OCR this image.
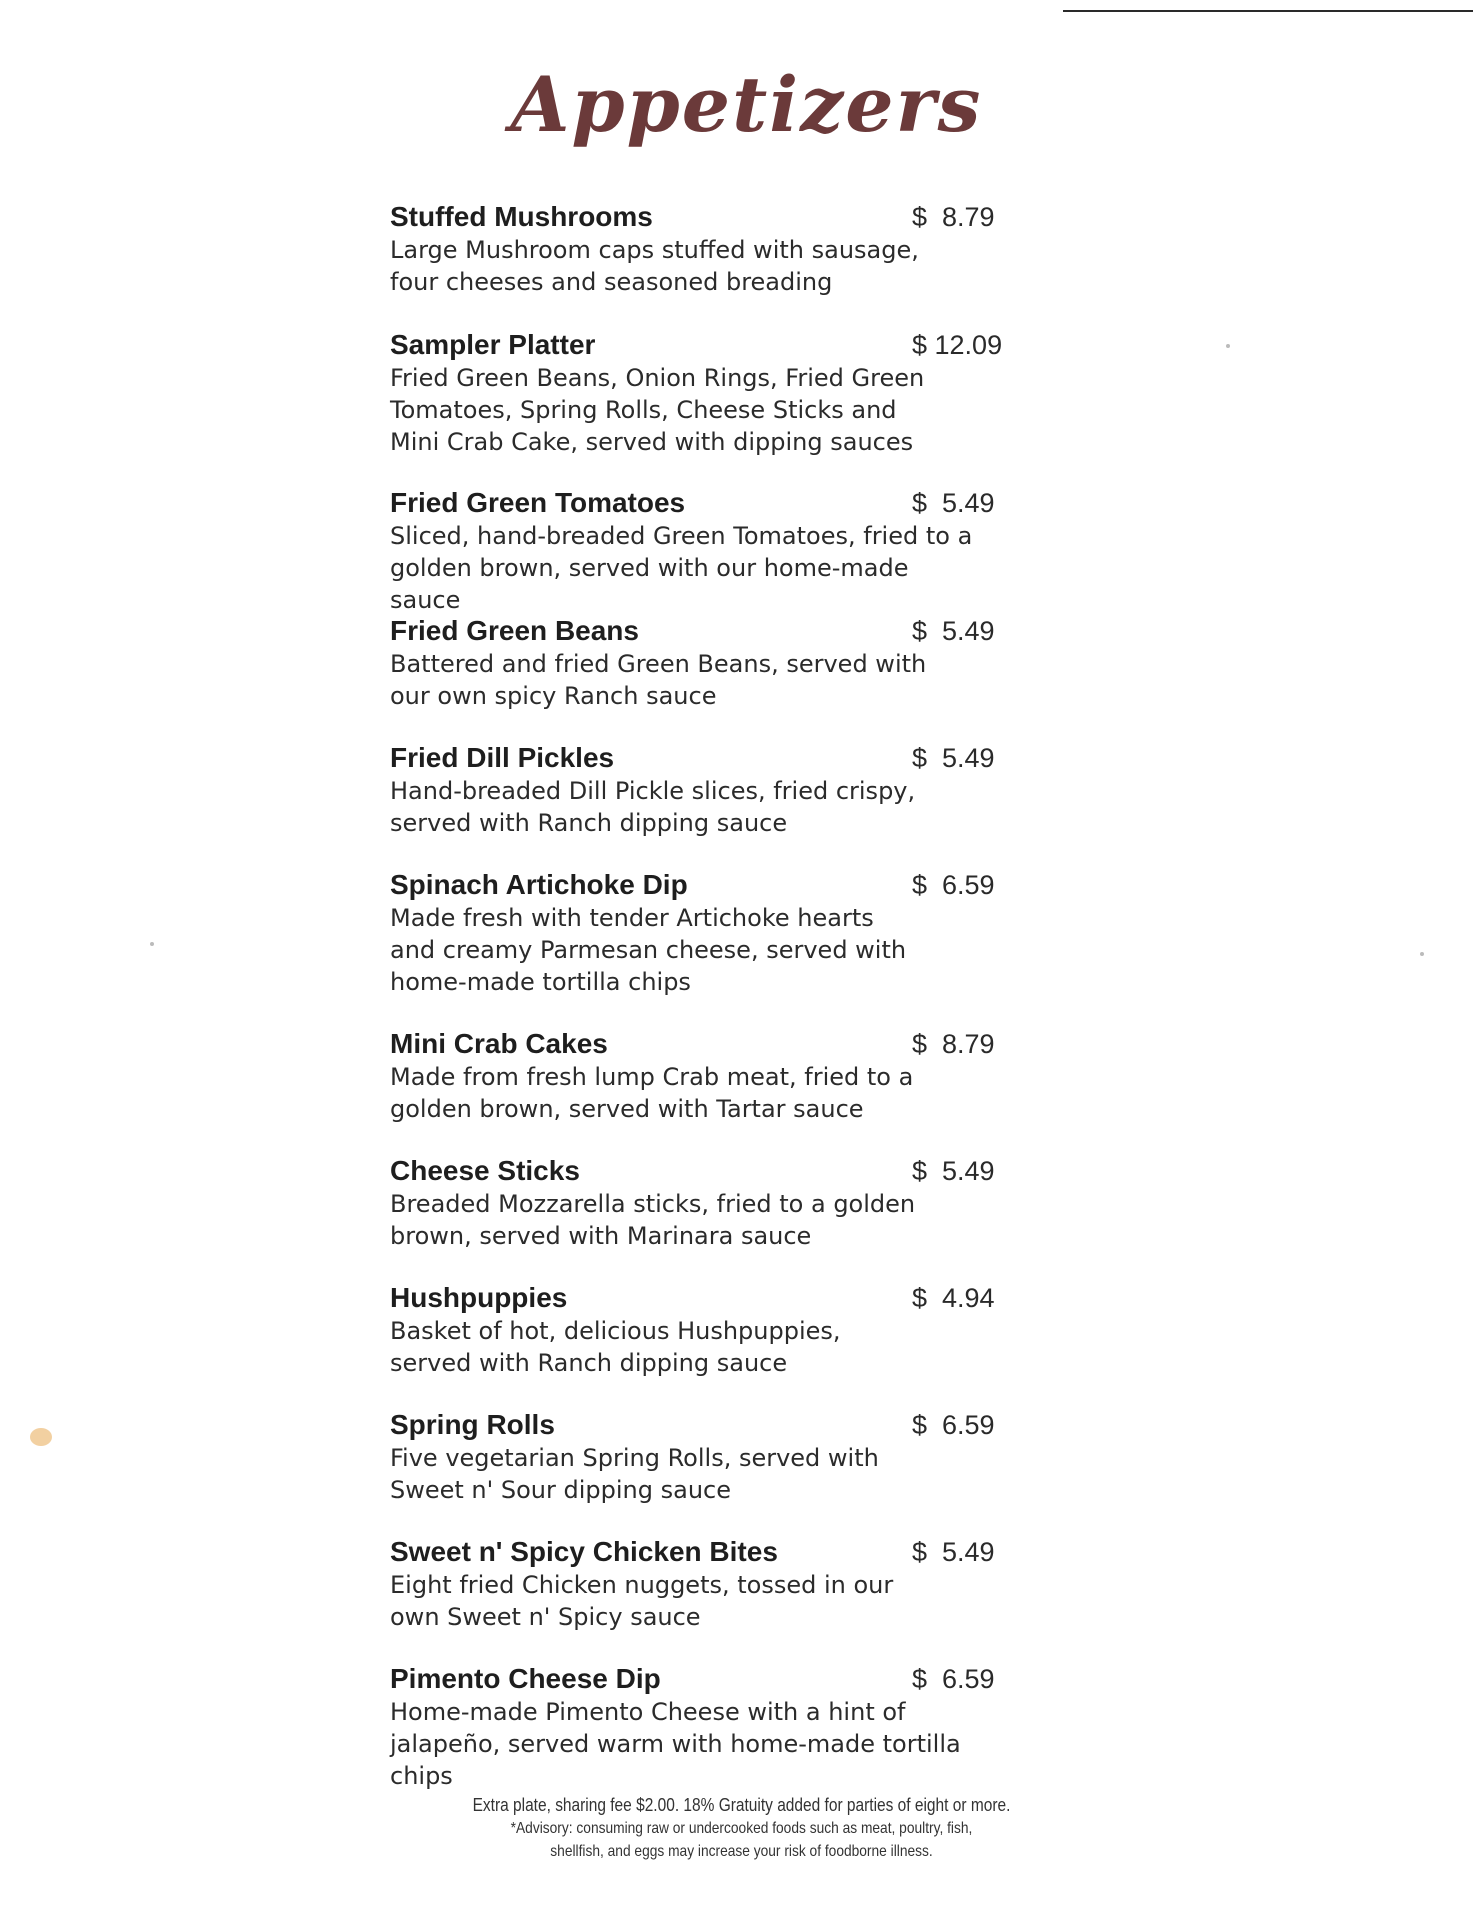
Appetizers
Stuffed Mushrooms	$  8.79
Large Mushroom caps stuffed with sausage, four cheeses and seasoned breading
Sampler Platter	$ 12.09
Fried Green Beans, Onion Rings, Fried Green Tomatoes, Spring Rolls, Cheese Sticks and Mini Crab Cake, served with dipping sauces
Fried Green Tomatoes	$  5.49
Sliced, hand-breaded Green Tomatoes, fried to a golden brown, served with our home-made sauce
Fried Green Beans	$  5.49
Battered and fried Green Beans, served with our own spicy Ranch sauce
Fried Dill Pickles	$  5.49
Hand-breaded Dill Pickle slices, fried crispy, served with Ranch dipping sauce
Spinach Artichoke Dip	$  6.59
Made fresh with tender Artichoke hearts and creamy Parmesan cheese, served with home-made tortilla chips
Mini Crab Cakes	$  8.79
Made from fresh lump Crab meat, fried to a golden brown, served with Tartar sauce
Cheese Sticks	$  5.49
Breaded Mozzarella sticks, fried to a golden brown, served with Marinara sauce
Hushpuppies	$  4.94
Basket of hot, delicious Hushpuppies, served with Ranch dipping sauce
Spring Rolls	$  6.59
Five vegetarian Spring Rolls, served with Sweet n' Sour dipping sauce
Sweet n' Spicy Chicken Bites	$  5.49
Eight fried Chicken nuggets, tossed in our own Sweet n' Spicy sauce
Pimento Cheese Dip	$  6.59
Home-made Pimento Cheese with a hint of jalapeño, served warm with home-made tortilla chips
Extra plate, sharing fee $2.00. 18% Gratuity added for parties of eight or more.
*Advisory: consuming raw or undercooked foods such as meat, poultry, fish,
shellfish, and eggs may increase your risk of foodborne illness.
